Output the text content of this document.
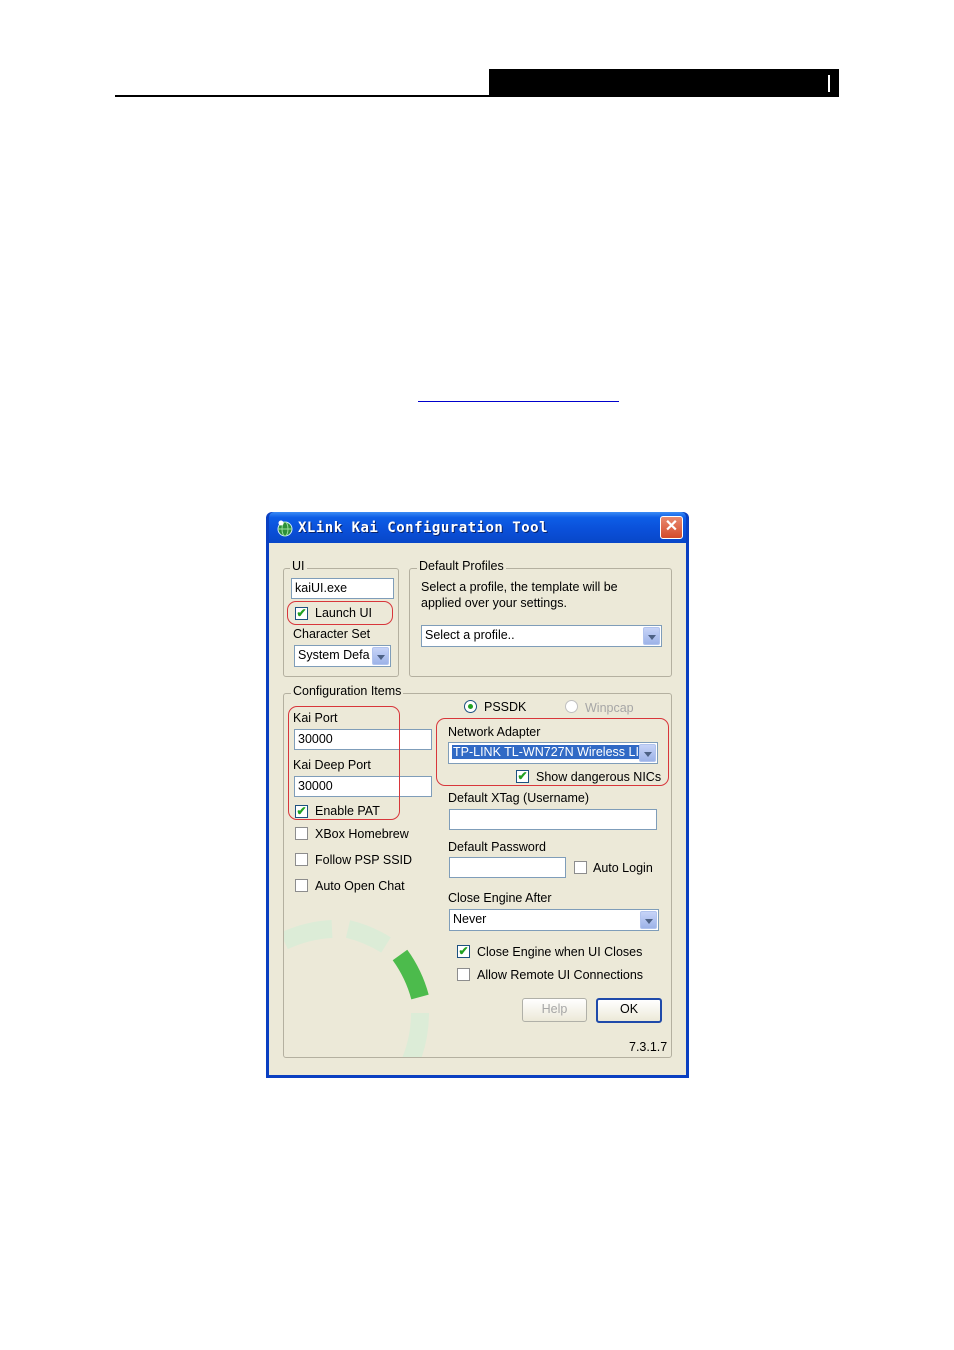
XLink Kai Configuration Tool	✕
UI
kaiUI.exe
✔ Launch UI
Character Set
System Defa
Default Profiles
Select a profile, the template will be
applied over your settings.
Select a profile..
Configuration Items
Kai Port
30000
Kai Deep Port
30000
✔ Enable PAT
XBox Homebrew
Follow PSP SSID
Auto Open Chat
PSSDK	Winpcap
Network Adapter
TP-LINK TL-WN727N Wireless LI
✔ Show dangerous NICs
Default XTag (Username)
Default Password
Auto Login
Close Engine After
Never
✔ Close Engine when UI Closes
Allow Remote UI Connections
Help	OK
7.3.1.7
